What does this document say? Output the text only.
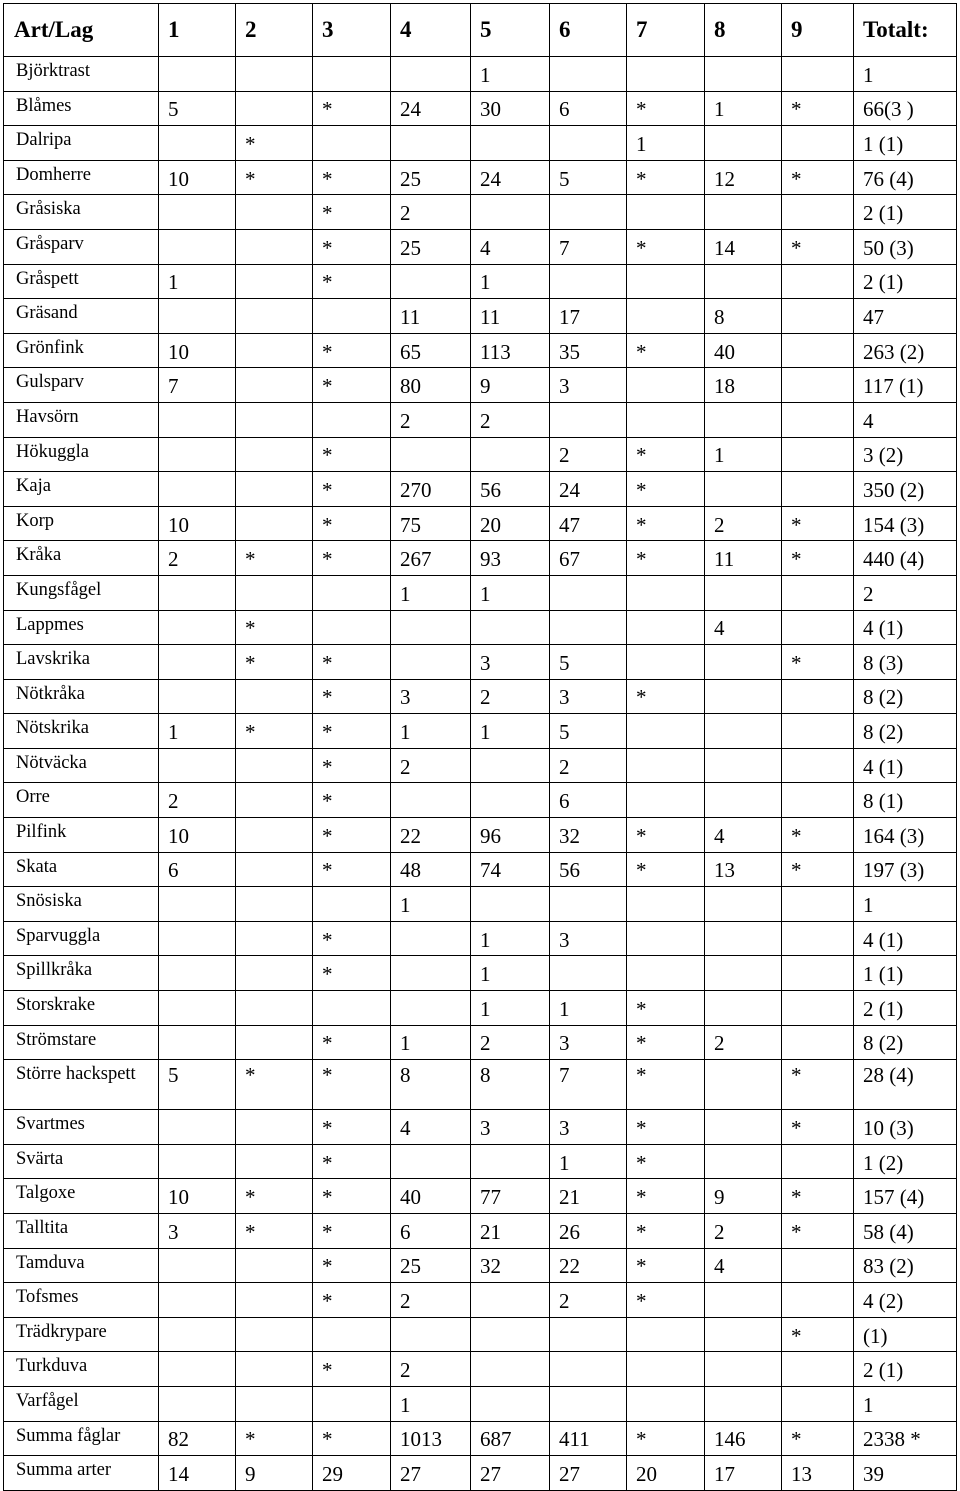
Art/Lag	1	2	3	4	5	6	7	8	9	Totalt:
Björktrast					1					1
Blåmes	5		*	24	30	6	*	1	*	66(3 )
Dalripa		*					1			1 (1)
Domherre	10	*	*	25	24	5	*	12	*	76 (4)
Gråsiska			*	2						2 (1)
Gråsparv			*	25	4	7	*	14	*	50 (3)
Gråspett	1		*		1					2 (1)
Gräsand				11	11	17		8		47
Grönfink	10		*	65	113	35	*	40		263 (2)
Gulsparv	7		*	80	9	3		18		117 (1)
Havsörn				2	2					4
Hökuggla			*			2	*	1		3 (2)
Kaja			*	270	56	24	*			350 (2)
Korp	10		*	75	20	47	*	2	*	154 (3)
Kråka	2	*	*	267	93	67	*	11	*	440 (4)
Kungsfågel				1	1					2
Lappmes		*						4		4 (1)
Lavskrika		*	*		3	5			*	8 (3)
Nötkråka			*	3	2	3	*			8 (2)
Nötskrika	1	*	*	1	1	5				8 (2)
Nötväcka			*	2		2				4 (1)
Orre	2		*			6				8 (1)
Pilfink	10		*	22	96	32	*	4	*	164 (3)
Skata	6		*	48	74	56	*	13	*	197 (3)
Snösiska				1						1
Sparvuggla			*		1	3				4 (1)
Spillkråka			*		1					1 (1)
Storskrake					1	1	*			2 (1)
Strömstare			*	1	2	3	*	2		8 (2)
Större hackspett	5	*	*	8	8	7	*		*	28 (4)
Svartmes			*	4	3	3	*		*	10 (3)
Svärta			*			1	*			1 (2)
Talgoxe	10	*	*	40	77	21	*	9	*	157 (4)
Talltita	3	*	*	6	21	26	*	2	*	58 (4)
Tamduva			*	25	32	22	*	4		83 (2)
Tofsmes			*	2		2	*			4 (2)
Trädkrypare									*	(1)
Turkduva			*	2						2 (1)
Varfågel				1						1
Summa fåglar	82	*	*	1013	687	411	*	146	*	2338 *
Summa arter	14	9	29	27	27	27	20	17	13	39
